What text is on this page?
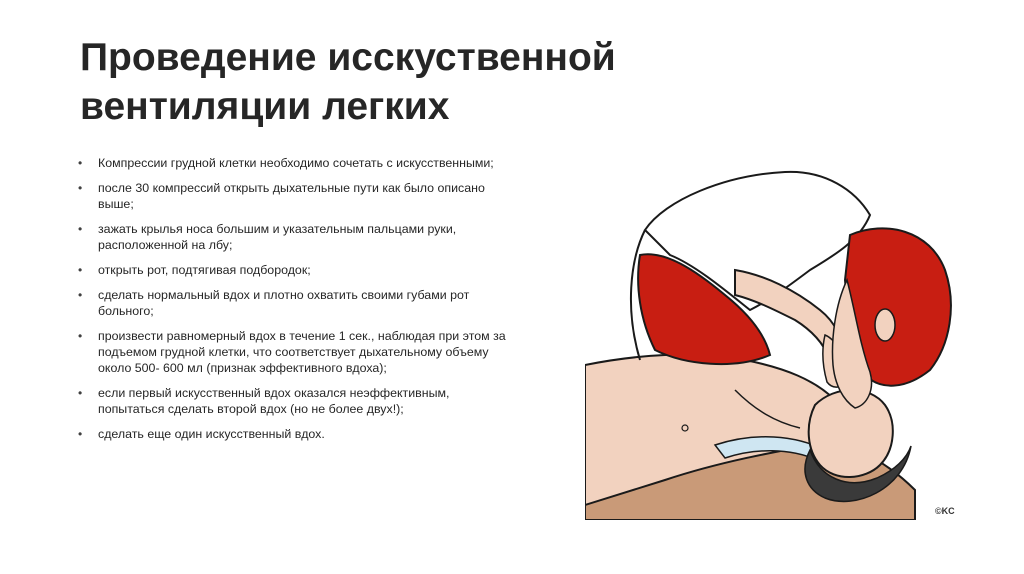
Проведение исскуственной
вентиляции легких
• Компрессии грудной клетки необходимо сочетать с искусственными;
• после 30 компрессий открыть дыхательные пути как было описано выше;
• зажать крылья носа большим и указательным пальцами руки, расположенной на лбу;
• открыть рот, подтягивая подбородок;
• сделать нормальный вдох и плотно охватить своими губами рот больного;
• произвести равномерный вдох в течение 1 сек., наблюдая при этом за подъемом грудной клетки, что соответствует дыхательному объему около 500- 600 мл (признак эффективного вдоха);
• если первый искусственный вдох оказался неэффективным, попытаться сделать второй вдох (но не более двух!);
• сделать еще один искусственный вдох.
©KC
